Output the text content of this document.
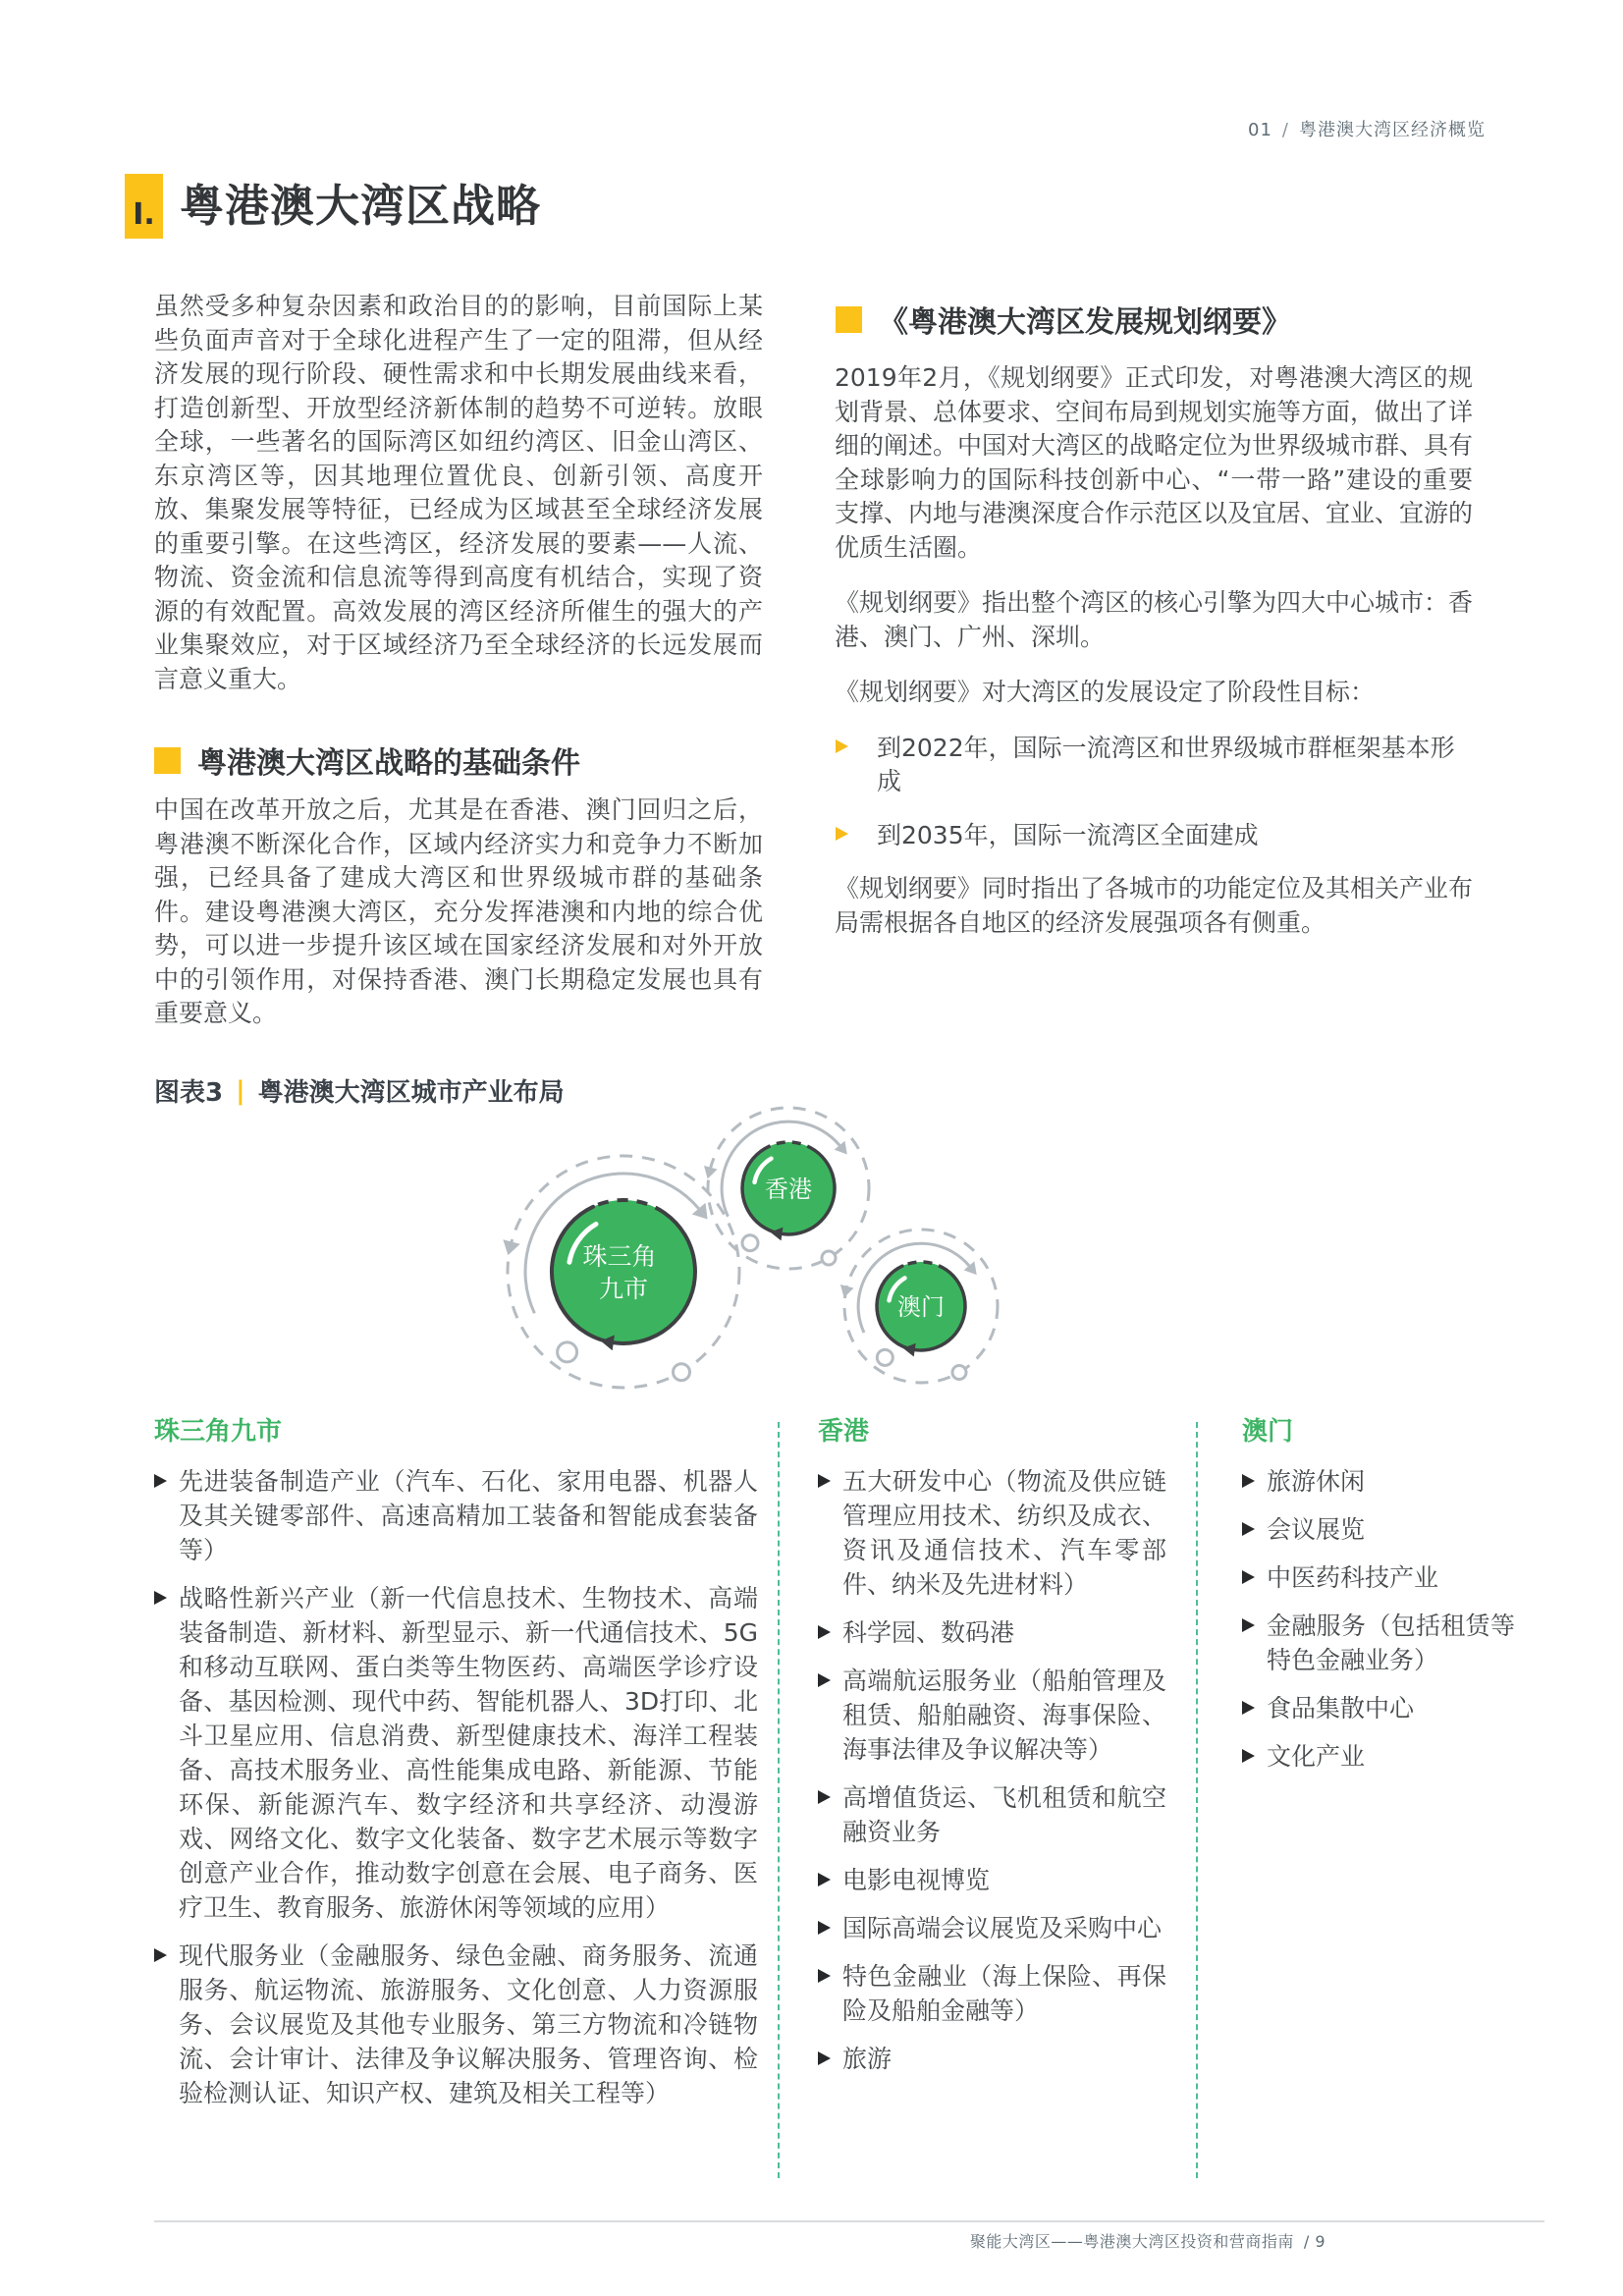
01 / 粤港澳大湾区经济概览
I. 粤港澳大湾区战略

虽然受多种复杂因素和政治目的的影响，目前国际上某些负面声音对于全球化进程产生了一定的阻滞，但从经济发展的现行阶段、硬性需求和中长期发展曲线来看，打造创新型、开放型经济新体制的趋势不可逆转。放眼全球，一些著名的国际湾区如纽约湾区、旧金山湾区、东京湾区等，因其地理位置优良、创新引领、高度开放、集聚发展等特征，已经成为区域甚至全球经济发展的重要引擎。在这些湾区，经济发展的要素——人流、物流、资金流和信息流等得到高度有机结合，实现了资源的有效配置。高效发展的湾区经济所催生的强大的产业集聚效应，对于区域经济乃至全球经济的长远发展而言意义重大。

粤港澳大湾区战略的基础条件

中国在改革开放之后，尤其是在香港、澳门回归之后，粤港澳不断深化合作，区域内经济实力和竞争力不断加强，已经具备了建成大湾区和世界级城市群的基础条件。建设粤港澳大湾区，充分发挥港澳和内地的综合优势，可以进一步提升该区域在国家经济发展和对外开放中的引领作用，对保持香港、澳门长期稳定发展也具有重要意义。

《粤港澳大湾区发展规划纲要》

2019年2月，《规划纲要》正式印发，对粤港澳大湾区的规划背景、总体要求、空间布局到规划实施等方面，做出了详细的阐述。中国对大湾区的战略定位为世界级城市群、具有全球影响力的国际科技创新中心、“一带一路”建设的重要支撑、内地与港澳深度合作示范区以及宜居、宜业、宜游的优质生活圈。

《规划纲要》指出整个湾区的核心引擎为四大中心城市：香港、澳门、广州、深圳。

《规划纲要》对大湾区的发展设定了阶段性目标：

到2022年，国际一流湾区和世界级城市群框架基本形成
到2035年，国际一流湾区全面建成

《规划纲要》同时指出了各城市的功能定位及其相关产业布局需根据各自地区的经济发展强项各有侧重。

图表3 | 粤港澳大湾区城市产业布局
珠三角 九市
香港
澳门
珠三角九市
先进装备制造产业（汽车、石化、家用电器、机器人及其关键零部件、高速高精加工装备和智能成套装备等）
战略性新兴产业（新一代信息技术、生物技术、高端装备制造、新材料、新型显示、新一代通信技术、5G和移动互联网、蛋白类等生物医药、高端医学诊疗设备、基因检测、现代中药、智能机器人、3D打印、北斗卫星应用、信息消费、新型健康技术、海洋工程装备、高技术服务业、高性能集成电路、新能源、节能环保、新能源汽车、数字经济和共享经济、动漫游戏、网络文化、数字文化装备、数字艺术展示等数字创意产业合作，推动数字创意在会展、电子商务、医疗卫生、教育服务、旅游休闲等领域的应用）
现代服务业（金融服务、绿色金融、商务服务、流通服务、航运物流、旅游服务、文化创意、人力资源服务、会议展览及其他专业服务、第三方物流和冷链物流、会计审计、法律及争议解决服务、管理咨询、检验检测认证、知识产权、建筑及相关工程等）
香港
五大研发中心（物流及供应链管理应用技术、纺织及成衣、资讯及通信技术、汽车零部件、纳米及先进材料）
科学园、数码港
高端航运服务业（船舶管理及租赁、船舶融资、海事保险、海事法律及争议解决等）
高增值货运、飞机租赁和航空融资业务
电影电视博览
国际高端会议展览及采购中心
特色金融业（海上保险、再保险及船舶金融等）
旅游
澳门
旅游休闲
会议展览
中医药科技产业
金融服务（包括租赁等特色金融业务）
食品集散中心
文化产业
聚能大湾区——粤港澳大湾区投资和营商指南 / 9
